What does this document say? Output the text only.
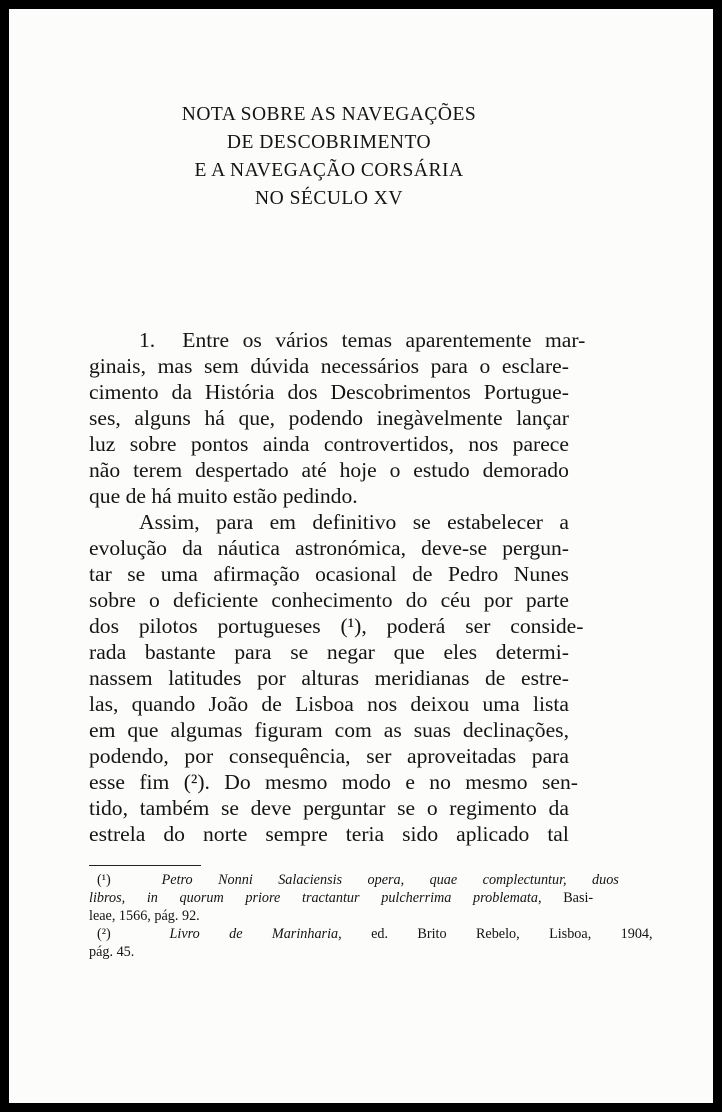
NOTA SOBRE AS NAVEGAÇÕES
DE DESCOBRIMENTO
E A NAVEGAÇÃO CORSÁRIA
NO SÉCULO XV
1. Entre os vários temas aparentemente mar-
ginais, mas sem dúvida necessários para o esclare-
cimento da História dos Descobrimentos Portugue-
ses, alguns há que, podendo inegàvelmente lançar
luz sobre pontos ainda controvertidos, nos parece
não terem despertado até hoje o estudo demorado
que de há muito estão pedindo.
Assim, para em definitivo se estabelecer a
evolução da náutica astronómica, deve-se pergun-
tar se uma afirmação ocasional de Pedro Nunes
sobre o deficiente conhecimento do céu por parte
dos pilotos portugueses (¹), poderá ser conside-
rada bastante para se negar que eles determi-
nassem latitudes por alturas meridianas de estre-
las, quando João de Lisboa nos deixou uma lista
em que algumas figuram com as suas declinações,
podendo, por consequência, ser aproveitadas para
esse fim (²). Do mesmo modo e no mesmo sen-
tido, também se deve perguntar se o regimento da
estrela do norte sempre teria sido aplicado tal
(¹)	Petro Nonni Salaciensis opera, quae complectuntur, duos
libros, in quorum priore tractantur pulcherrima problemata, Basi-
leae, 1566, pág. 92.
(²)	Livro de Marinharia, ed. Brito Rebelo, Lisboa, 1904,
pág. 45.
